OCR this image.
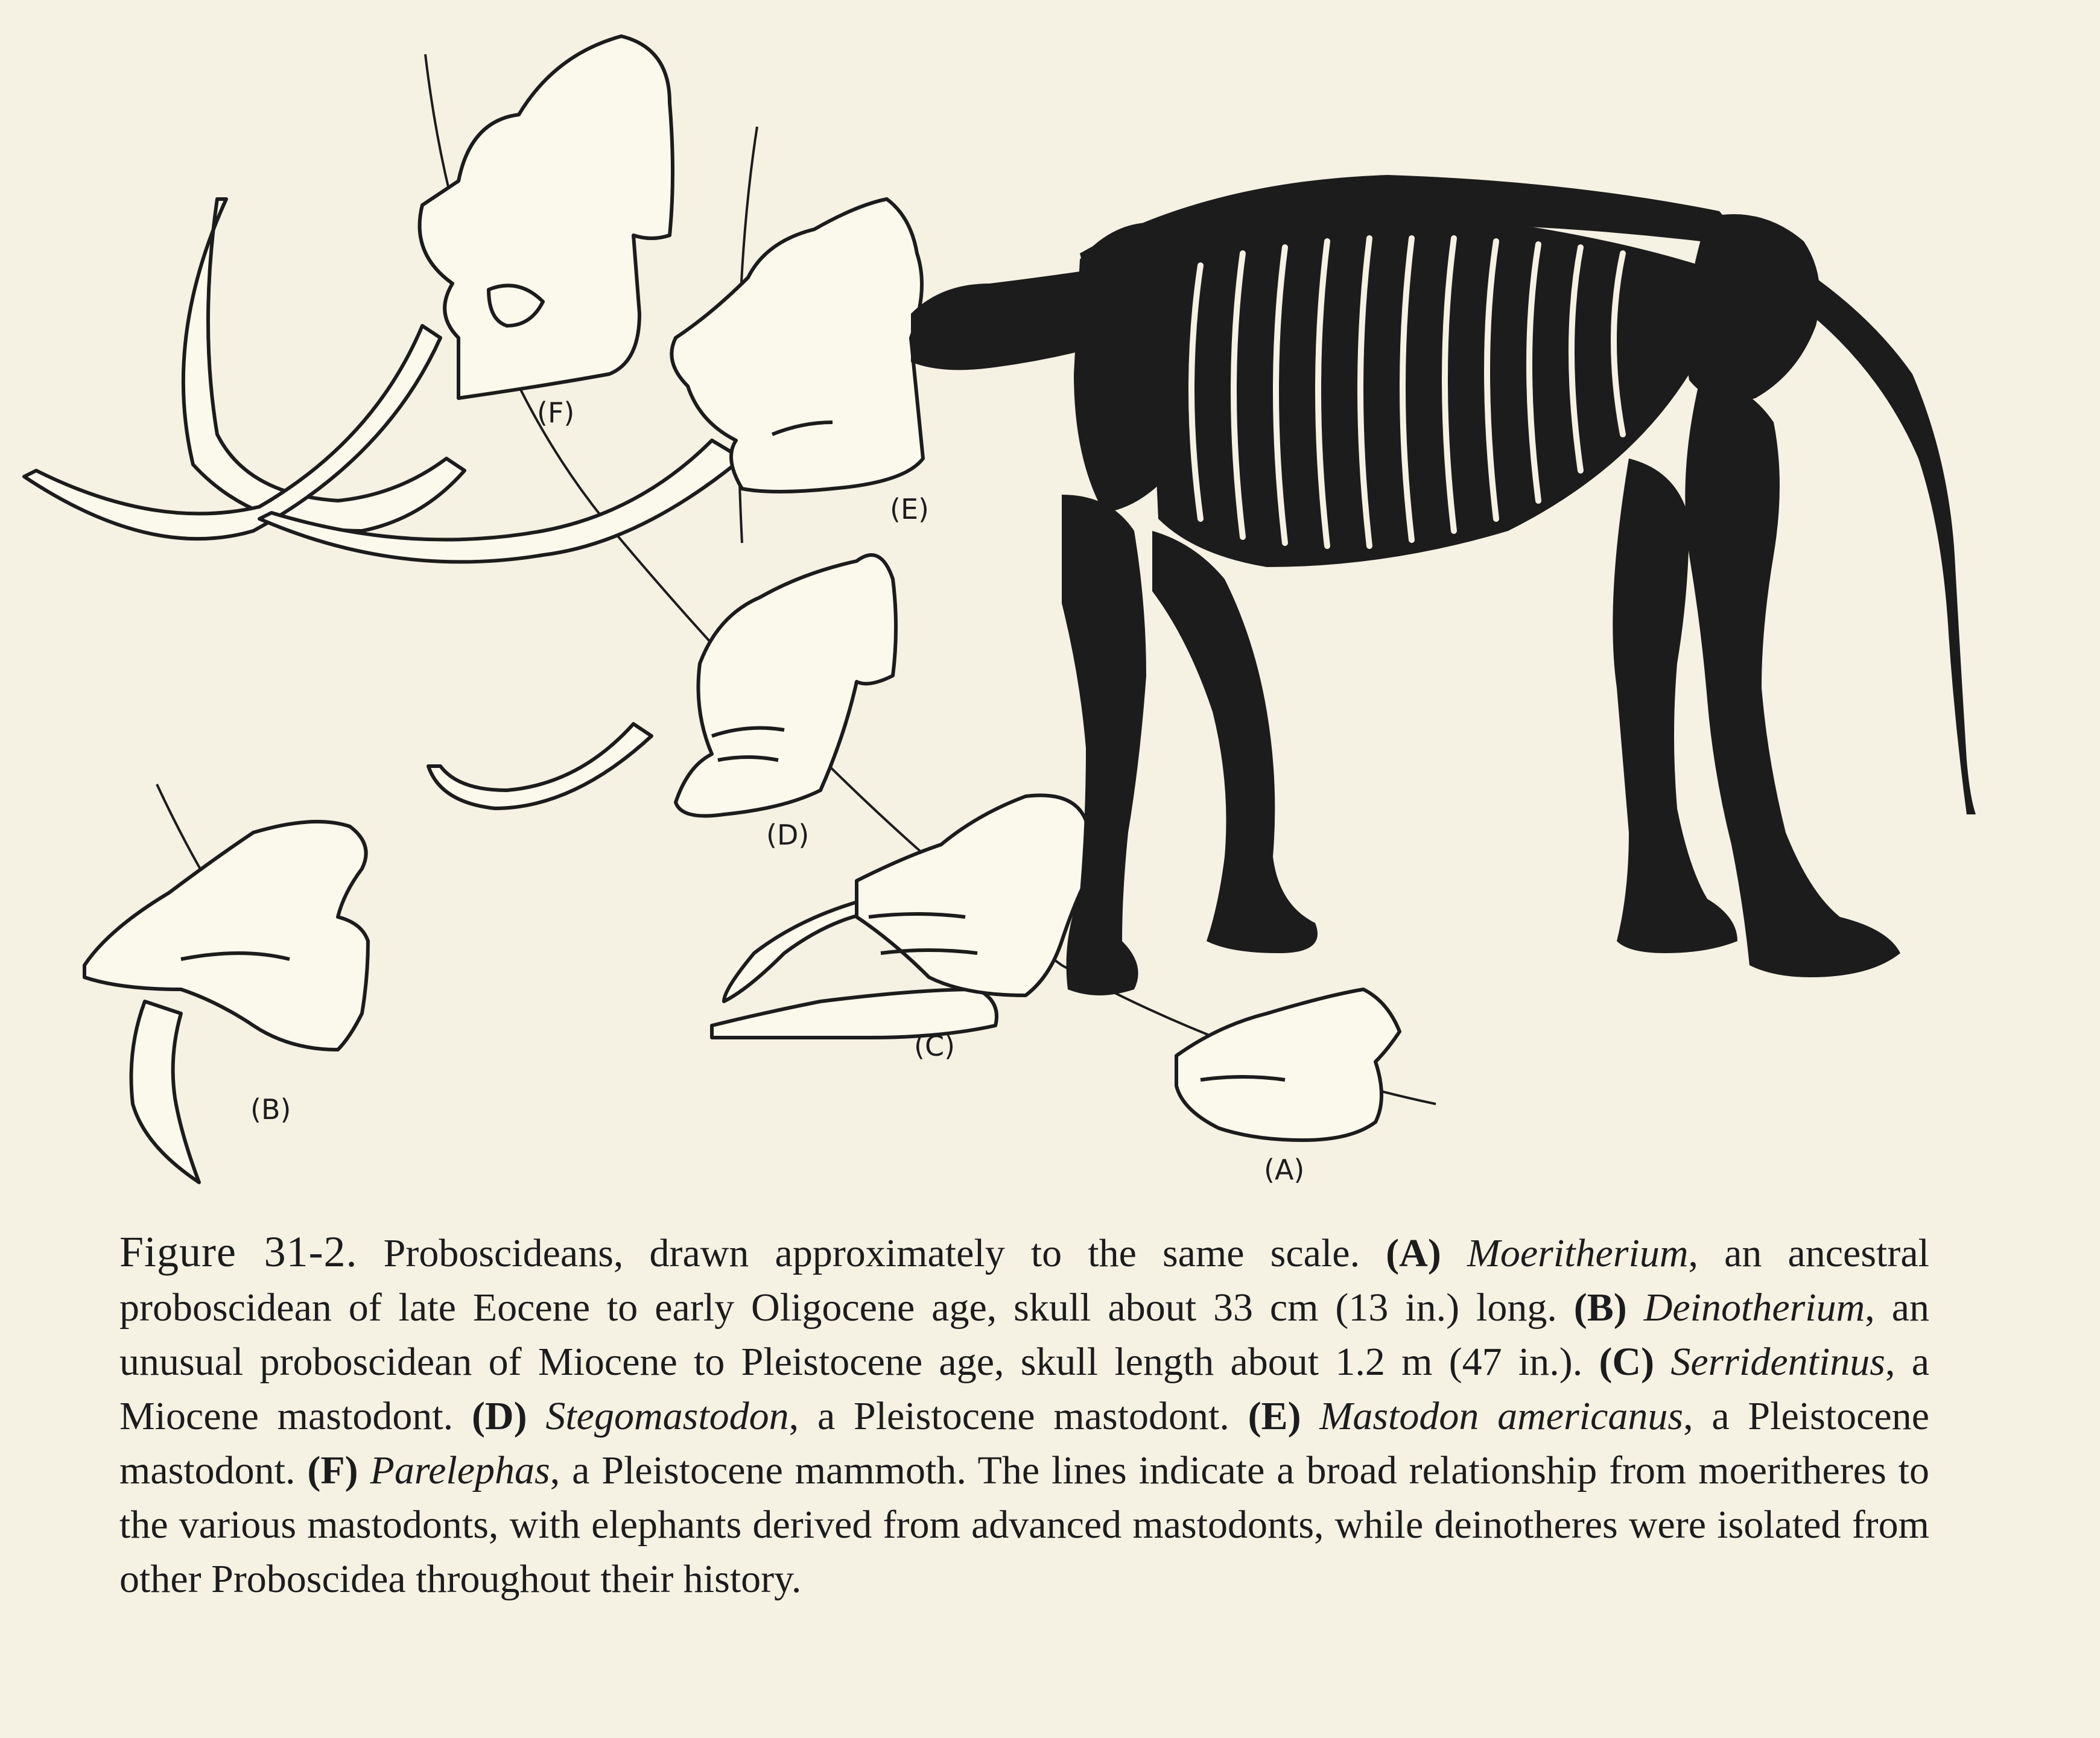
(A)
(B)
(C)
(D)
(E)
(F)
Figure 31-2. Proboscideans, drawn approximately to the same scale. (A) Moeritherium, an ancestral proboscidean of late Eocene to early Oligocene age, skull about 33 cm (13 in.) long. (B) Deinotherium, an unusual proboscidean of Miocene to Pleistocene age, skull length about 1.2 m (47 in.). (C) Serridentinus, a Miocene mastodont. (D) Stegomastodon, a Pleistocene mastodont. (E) Mastodon americanus, a Pleistocene mastodont. (F) Parelephas, a Pleistocene mammoth. The lines indicate a broad relationship from moeritheres to the various mastodonts, with elephants derived from advanced mastodonts, while deinotheres were isolated from other Proboscidea throughout their history.
